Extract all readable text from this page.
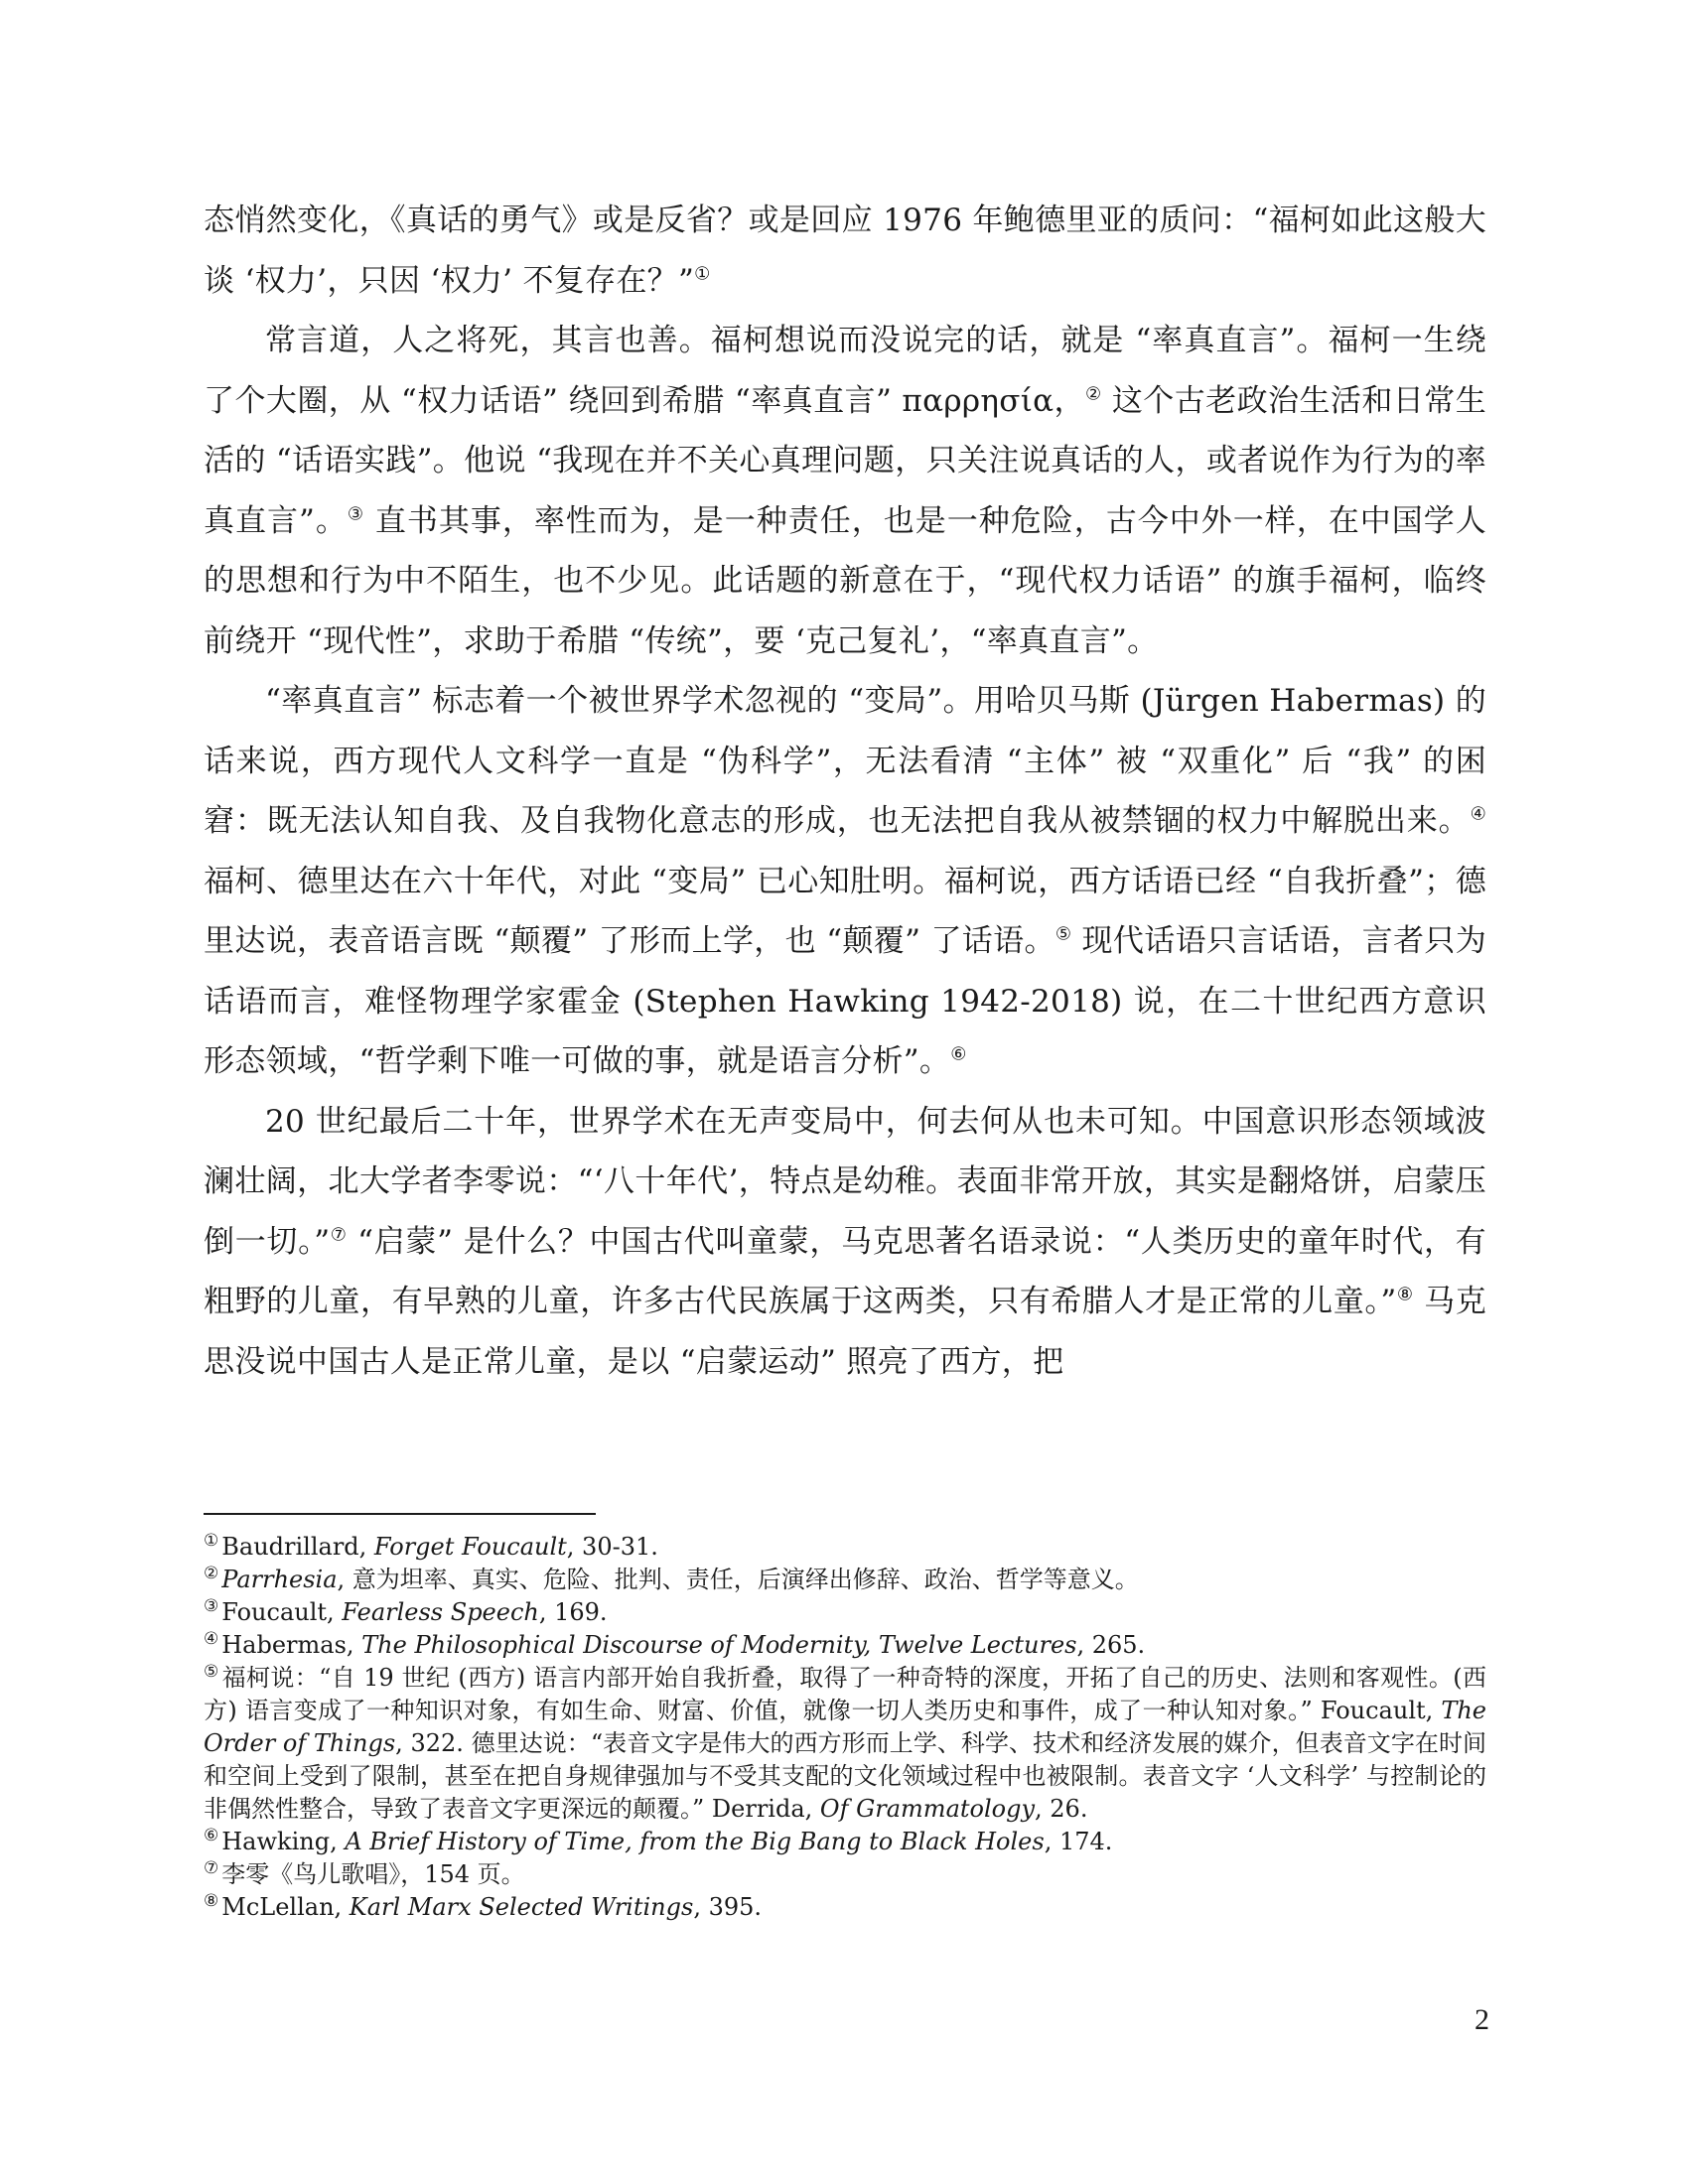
态悄然变化，《真话的勇气》或是反省？或是回应 1976 年鲍德里亚的质问：“福柯如此这般大谈 ‘权力’，只因 ‘权力’ 不复存在？”①

常言道，人之将死，其言也善。福柯想说而没说完的话，就是 “率真直言”。福柯一生绕了个大圈，从 “权力话语” 绕回到希腊 “率真直言” παρρησία，② 这个古老政治生活和日常生活的 “话语实践”。他说 “我现在并不关心真理问题，只关注说真话的人，或者说作为行为的率真直言”。③ 直书其事，率性而为，是一种责任，也是一种危险，古今中外一样，在中国学人的思想和行为中不陌生，也不少见。此话题的新意在于，“现代权力话语” 的旗手福柯，临终前绕开 “现代性”，求助于希腊 “传统”，要 ‘克己复礼’，“率真直言”。

“率真直言” 标志着一个被世界学术忽视的 “变局”。用哈贝马斯 (Jürgen Habermas) 的话来说，西方现代人文科学一直是 “伪科学”，无法看清 “主体” 被 “双重化” 后 “我” 的困窘：既无法认知自我、及自我物化意志的形成，也无法把自我从被禁锢的权力中解脱出来。④ 福柯、德里达在六十年代，对此 “变局” 已心知肚明。福柯说，西方话语已经 “自我折叠”；德里达说，表音语言既 “颠覆” 了形而上学，也 “颠覆” 了话语。⑤ 现代话语只言话语，言者只为话语而言，难怪物理学家霍金 (Stephen Hawking 1942-2018) 说，在二十世纪西方意识形态领域，“哲学剩下唯一可做的事，就是语言分析”。⑥

20 世纪最后二十年，世界学术在无声变局中，何去何从也未可知。中国意识形态领域波澜壮阔，北大学者李零说：“‘八十年代’，特点是幼稚。表面非常开放，其实是翻烙饼，启蒙压倒一切。”⑦ “启蒙” 是什么？中国古代叫童蒙，马克思著名语录说：“人类历史的童年时代，有粗野的儿童，有早熟的儿童，许多古代民族属于这两类，只有希腊人才是正常的儿童。”⑧ 马克思没说中国古人是正常儿童，是以 “启蒙运动” 照亮了西方，把

① Baudrillard, Forget Foucault, 30-31.

② Parrhesia, 意为坦率、真实、危险、批判、责任，后演绎出修辞、政治、哲学等意义。

③ Foucault, Fearless Speech, 169.

④ Habermas, The Philosophical Discourse of Modernity, Twelve Lectures, 265.

⑤ 福柯说：“自 19 世纪 (西方) 语言内部开始自我折叠，取得了一种奇特的深度，开拓了自己的历史、法则和客观性。(西方) 语言变成了一种知识对象，有如生命、财富、价值，就像一切人类历史和事件，成了一种认知对象。” Foucault, The Order of Things, 322. 德里达说：“表音文字是伟大的西方形而上学、科学、技术和经济发展的媒介，但表音文字在时间和空间上受到了限制，甚至在把自身规律强加与不受其支配的文化领域过程中也被限制。表音文字 ‘人文科学’ 与控制论的非偶然性整合，导致了表音文字更深远的颠覆。” Derrida, Of Grammatology, 26.

⑥ Hawking, A Brief History of Time, from the Big Bang to Black Holes, 174.

⑦ 李零《鸟儿歌唱》，154 页。

⑧ McLellan, Karl Marx Selected Writings, 395.

2
